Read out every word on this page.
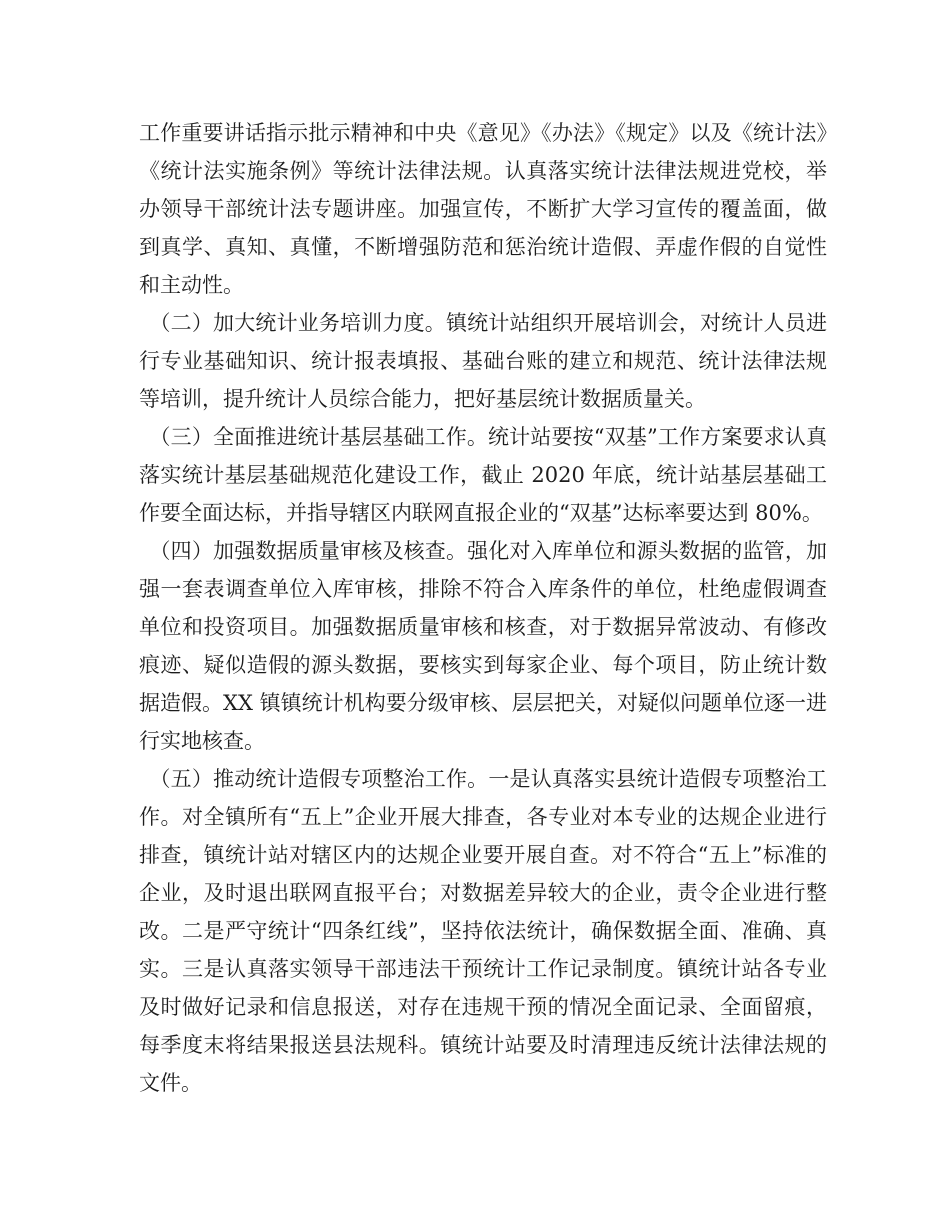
工作重要讲话指示批示精神和中央《意见》《办法》《规定》以及《统计法》《统计法实施条例》等统计法律法规。认真落实统计法律法规进党校，举办领导干部统计法专题讲座。加强宣传，不断扩大学习宣传的覆盖面，做到真学、真知、真懂，不断增强防范和惩治统计造假、弄虚作假的自觉性和主动性。

（二）加大统计业务培训力度。镇统计站组织开展培训会，对统计人员进行专业基础知识、统计报表填报、基础台账的建立和规范、统计法律法规等培训，提升统计人员综合能力，把好基层统计数据质量关。

（三）全面推进统计基层基础工作。统计站要按“双基”工作方案要求认真落实统计基层基础规范化建设工作，截止 2020 年底，统计站基层基础工作要全面达标，并指导辖区内联网直报企业的“双基”达标率要达到 80%。

（四）加强数据质量审核及核查。强化对入库单位和源头数据的监管，加强一套表调查单位入库审核，排除不符合入库条件的单位，杜绝虚假调查单位和投资项目。加强数据质量审核和核查，对于数据异常波动、有修改痕迹、疑似造假的源头数据，要核实到每家企业、每个项目，防止统计数据造假。XX 镇镇统计机构要分级审核、层层把关，对疑似问题单位逐一进行实地核查。

（五）推动统计造假专项整治工作。一是认真落实县统计造假专项整治工作。对全镇所有“五上”企业开展大排查，各专业对本专业的达规企业进行排查，镇统计站对辖区内的达规企业要开展自查。对不符合“五上”标准的企业，及时退出联网直报平台；对数据差异较大的企业，责令企业进行整改。二是严守统计“四条红线”，坚持依法统计，确保数据全面、准确、真实。三是认真落实领导干部违法干预统计工作记录制度。镇统计站各专业及时做好记录和信息报送，对存在违规干预的情况全面记录、全面留痕，每季度末将结果报送县法规科。镇统计站要及时清理违反统计法律法规的文件。
